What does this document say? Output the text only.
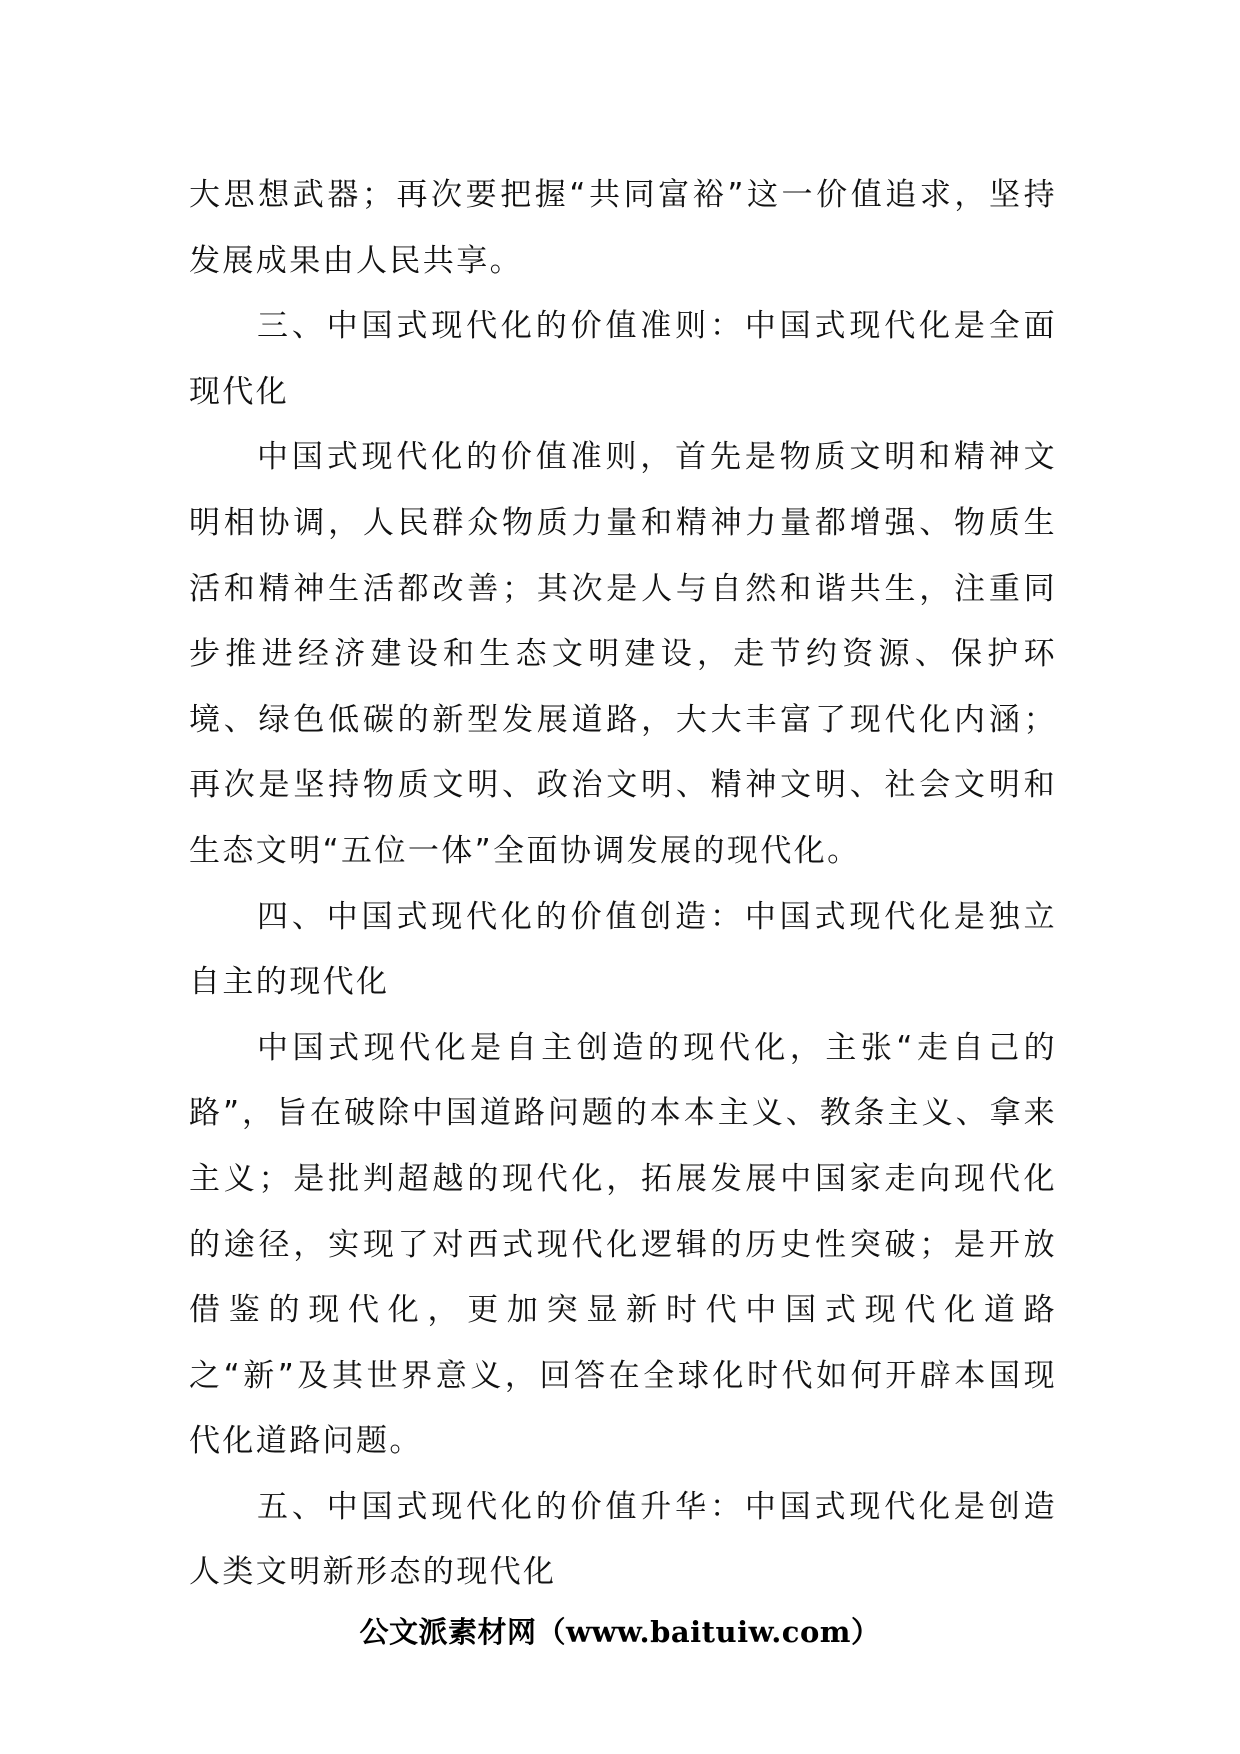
大思想武器；再次要把握“共同富裕”这一价值追求，坚持发展成果由人民共享。

三、中国式现代化的价值准则：中国式现代化是全面现代化

中国式现代化的价值准则，首先是物质文明和精神文明相协调，人民群众物质力量和精神力量都增强、物质生活和精神生活都改善；其次是人与自然和谐共生，注重同步推进经济建设和生态文明建设，走节约资源、保护环境、绿色低碳的新型发展道路，大大丰富了现代化内涵；再次是坚持物质文明、政治文明、精神文明、社会文明和生态文明“五位一体”全面协调发展的现代化。

四、中国式现代化的价值创造：中国式现代化是独立自主的现代化

中国式现代化是自主创造的现代化，主张“走自己的路”，旨在破除中国道路问题的本本主义、教条主义、拿来主义；是批判超越的现代化，拓展发展中国家走向现代化的途径，实现了对西式现代化逻辑的历史性突破；是开放借鉴的现代化，更加突显新时代中国式现代化道路之“新”及其世界意义，回答在全球化时代如何开辟本国现代化道路问题。

五、中国式现代化的价值升华：中国式现代化是创造人类文明新形态的现代化

公文派素材网（www.baituiw.com）
